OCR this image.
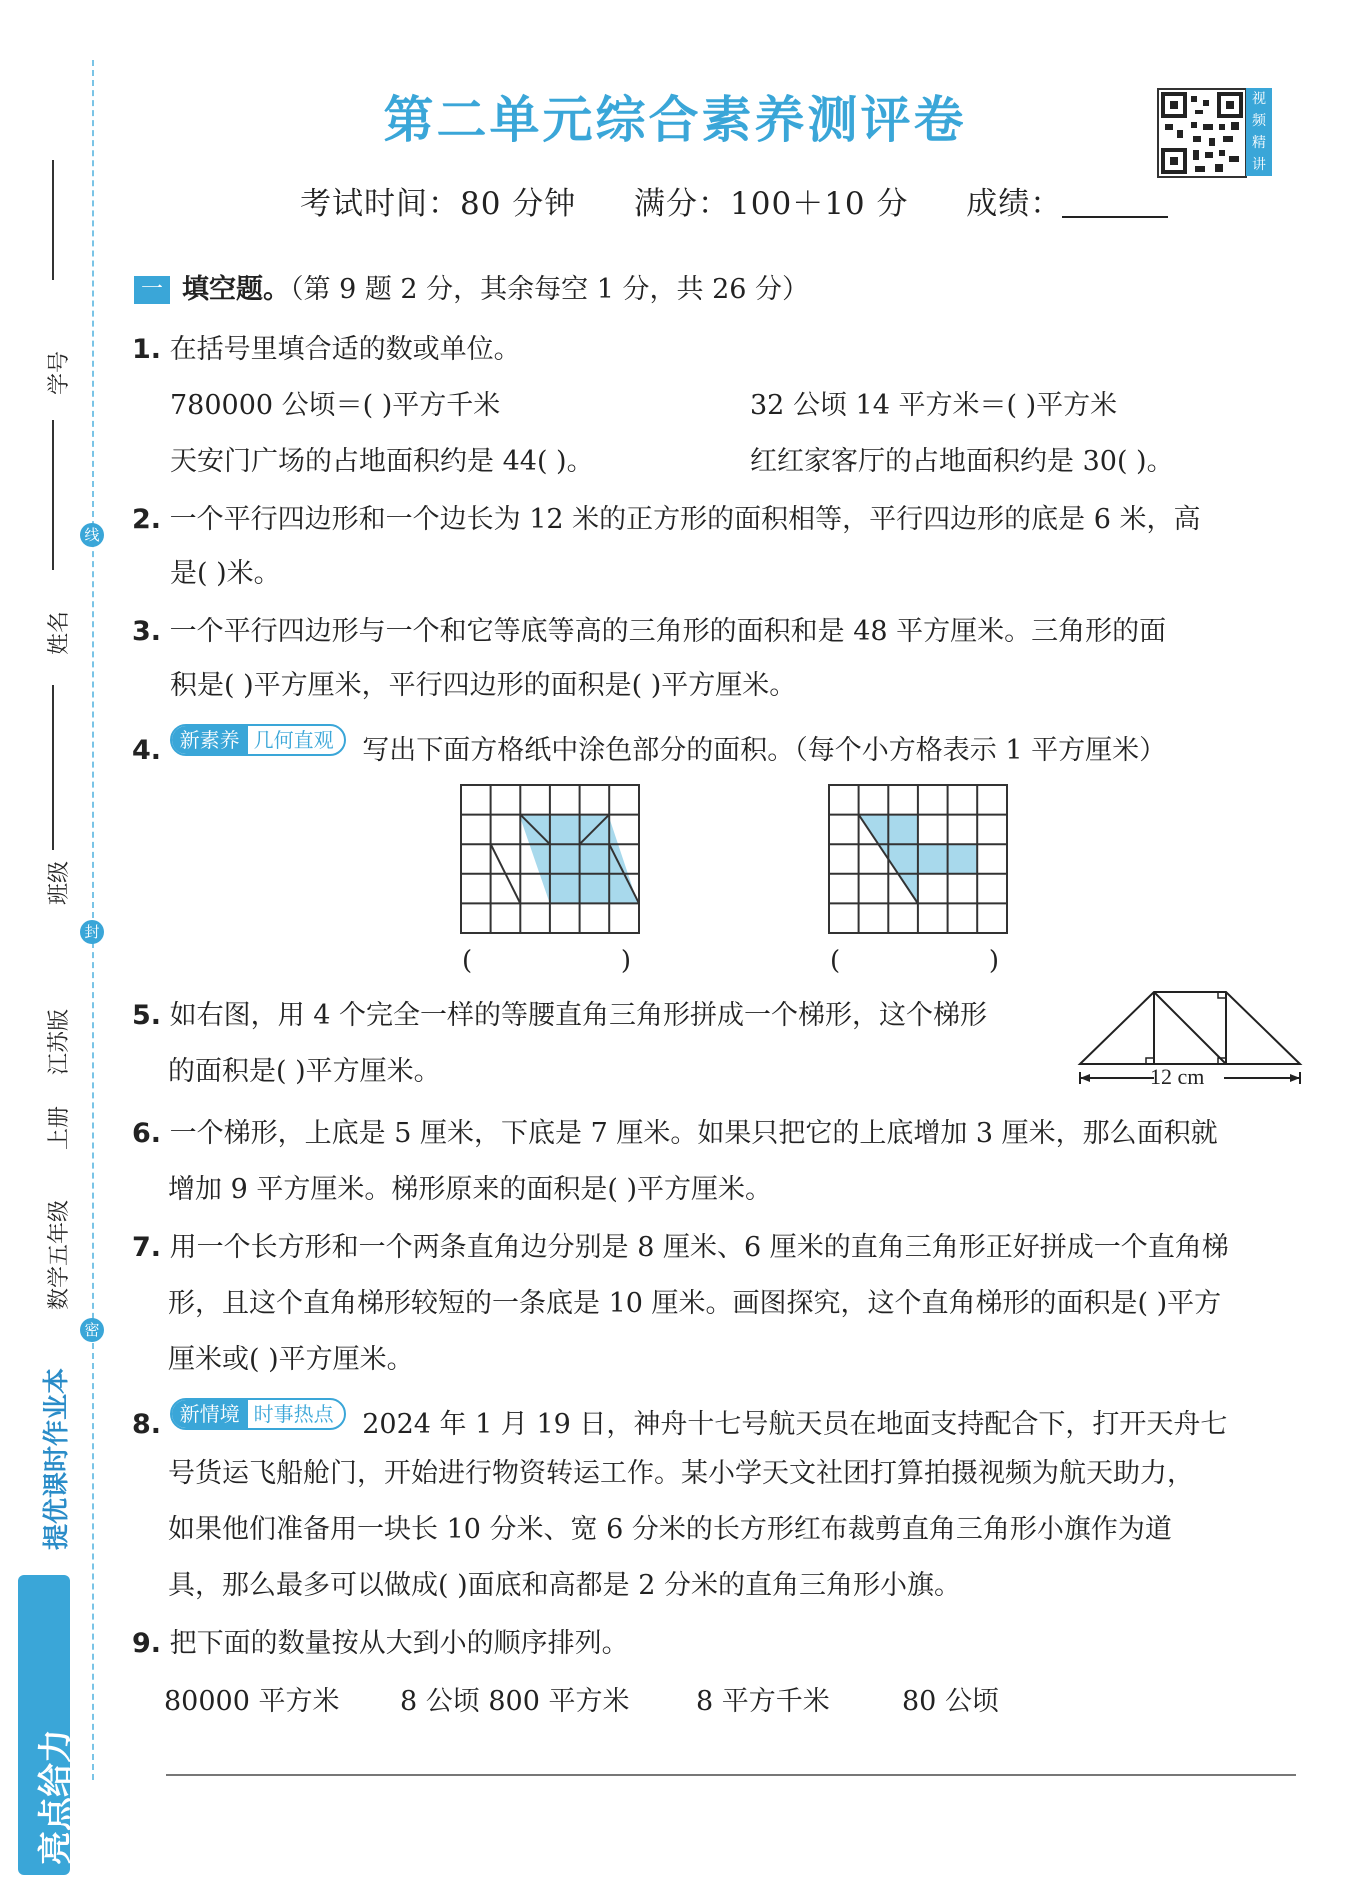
学号
线
姓名
班级
封
江苏版
上册
数学五年级
密
提优课时作业本
亮点给力
第二单元综合素养测评卷	视频精讲
考试时间：80 分钟 满分：100＋10 分 成绩：
一 填空题。（第 9 题 2 分，其余每空 1 分，共 26 分）
1. 在括号里填合适的数或单位。
780000 公顷＝( )平方千米	32 公顷 14 平方米＝( )平方米
天安门广场的占地面积约是 44( )。	红红家客厅的占地面积约是 30( )。
2. 一个平行四边形和一个边长为 12 米的正方形的面积相等，平行四边形的底是 6 米，高
是( )米。
3. 一个平行四边形与一个和它等底等高的三角形的面积和是 48 平方厘米。三角形的面
积是( )平方厘米，平行四边形的面积是( )平方厘米。
4. 新素养 几何直观 写出下面方格纸中涂色部分的面积。（每个小方格表示 1 平方厘米）
(                  )	(                  )
5. 如右图，用 4 个完全一样的等腰直角三角形拼成一个梯形，这个梯形
的面积是( )平方厘米。	12 cm
6. 一个梯形，上底是 5 厘米，下底是 7 厘米。如果只把它的上底增加 3 厘米，那么面积就
增加 9 平方厘米。梯形原来的面积是( )平方厘米。
7. 用一个长方形和一个两条直角边分别是 8 厘米、6 厘米的直角三角形正好拼成一个直角梯
形，且这个直角梯形较短的一条底是 10 厘米。画图探究，这个直角梯形的面积是( )平方
厘米或( )平方厘米。
8. 新情境 时事热点 2024 年 1 月 19 日，神舟十七号航天员在地面支持配合下，打开天舟七
号货运飞船舱门，开始进行物资转运工作。某小学天文社团打算拍摄视频为航天助力，
如果他们准备用一块长 10 分米、宽 6 分米的长方形红布裁剪直角三角形小旗作为道
具，那么最多可以做成( )面底和高都是 2 分米的直角三角形小旗。
9. 把下面的数量按从大到小的顺序排列。
80000 平方米 8 公顷 800 平方米 8 平方千米	80 公顷
